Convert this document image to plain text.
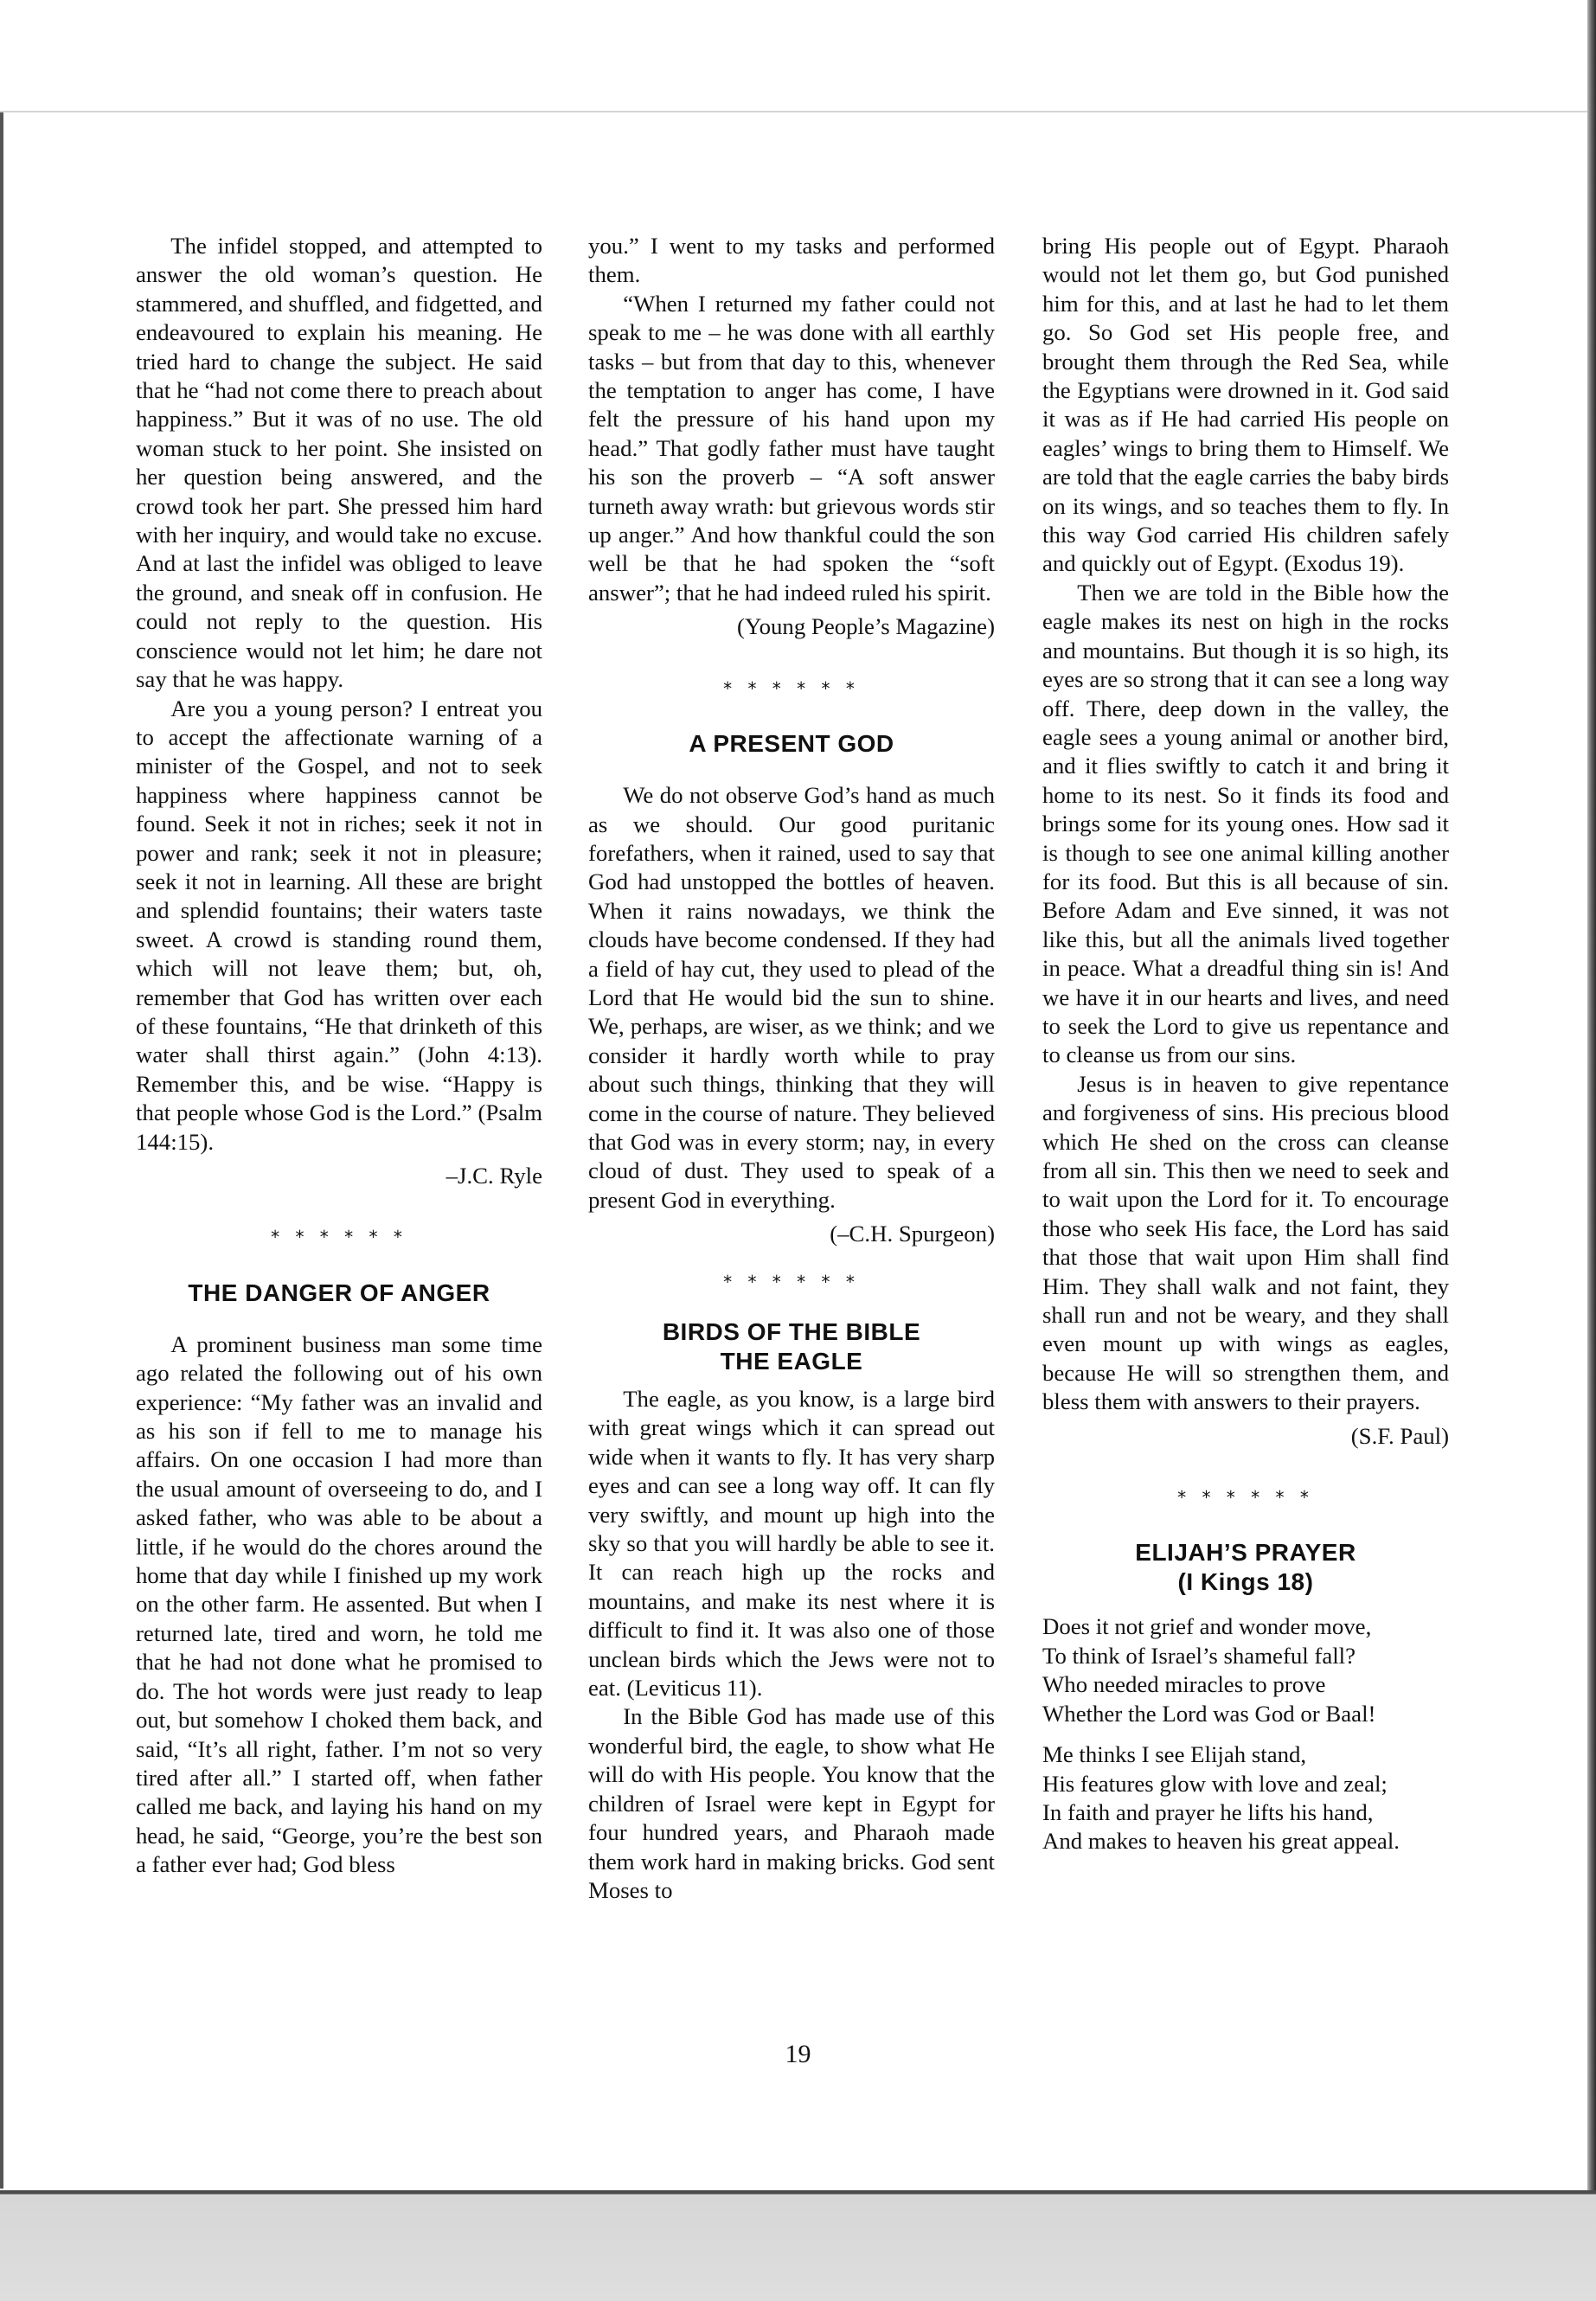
The infidel stopped, and attempted to answer the old woman’s question. He stammered, and shuffled, and fidgetted, and endeavoured to explain his meaning. He tried hard to change the subject. He said that he “had not come there to preach about happiness.” But it was of no use. The old woman stuck to her point. She insisted on her question being answered, and the crowd took her part. She pressed him hard with her inquiry, and would take no excuse. And at last the infidel was obliged to leave the ground, and sneak off in confusion. He could not reply to the question. His conscience would not let him; he dare not say that he was happy.

Are you a young person? I entreat you to accept the affectionate warning of a minister of the Gospel, and not to seek happiness where happiness cannot be found. Seek it not in riches; seek it not in power and rank; seek it not in pleasure; seek it not in learning. All these are bright and splendid fountains; their waters taste sweet. A crowd is standing round them, which will not leave them; but, oh, remember that God has written over each of these fountains, “He that drinketh of this water shall thirst again.” (John 4:13). Remember this, and be wise. “Happy is that people whose God is the Lord.” (Psalm 144:15).

–J.C. Ryle
* * * * * *
THE DANGER OF ANGER

A prominent business man some time ago related the following out of his own experience: “My father was an invalid and as his son if fell to me to manage his affairs. On one occasion I had more than the usual amount of overseeing to do, and I asked father, who was able to be about a little, if he would do the chores around the home that day while I finished up my work on the other farm. He assented. But when I returned late, tired and worn, he told me that he had not done what he promised to do. The hot words were just ready to leap out, but somehow I choked them back, and said, “It’s all right, father. I’m not so very tired after all.” I started off, when father called me back, and laying his hand on my head, he said, “George, you’re the best son a father ever had; God bless

you.” I went to my tasks and performed them.

“When I returned my father could not speak to me – he was done with all earthly tasks – but from that day to this, whenever the temptation to anger has come, I have felt the pressure of his hand upon my head.” That godly father must have taught his son the proverb – “A soft answer turneth away wrath: but grievous words stir up anger.” And how thankful could the son well be that he had spoken the “soft answer”; that he had indeed ruled his spirit.

(Young People’s Magazine)
* * * * * *
A PRESENT GOD

We do not observe God’s hand as much as we should. Our good puritanic forefathers, when it rained, used to say that God had unstopped the bottles of heaven. When it rains nowadays, we think the clouds have become condensed. If they had a field of hay cut, they used to plead of the Lord that He would bid the sun to shine. We, perhaps, are wiser, as we think; and we consider it hardly worth while to pray about such things, thinking that they will come in the course of nature. They believed that God was in every storm; nay, in every cloud of dust. They used to speak of a present God in everything.

(–C.H. Spurgeon)
* * * * * *
BIRDS OF THE BIBLE
THE EAGLE

The eagle, as you know, is a large bird with great wings which it can spread out wide when it wants to fly. It has very sharp eyes and can see a long way off. It can fly very swiftly, and mount up high into the sky so that you will hardly be able to see it. It can reach high up the rocks and mountains, and make its nest where it is difficult to find it. It was also one of those unclean birds which the Jews were not to eat. (Leviticus 11).

In the Bible God has made use of this wonderful bird, the eagle, to show what He will do with His people. You know that the children of Israel were kept in Egypt for four hundred years, and Pharaoh made them work hard in making bricks. God sent Moses to

bring His people out of Egypt. Pharaoh would not let them go, but God punished him for this, and at last he had to let them go. So God set His people free, and brought them through the Red Sea, while the Egyptians were drowned in it. God said it was as if He had carried His people on eagles’ wings to bring them to Himself. We are told that the eagle carries the baby birds on its wings, and so teaches them to fly. In this way God carried His children safely and quickly out of Egypt. (Exodus 19).

Then we are told in the Bible how the eagle makes its nest on high in the rocks and mountains. But though it is so high, its eyes are so strong that it can see a long way off. There, deep down in the valley, the eagle sees a young animal or another bird, and it flies swiftly to catch it and bring it home to its nest. So it finds its food and brings some for its young ones. How sad it is though to see one animal killing another for its food. But this is all because of sin. Before Adam and Eve sinned, it was not like this, but all the animals lived together in peace. What a dreadful thing sin is! And we have it in our hearts and lives, and need to seek the Lord to give us repentance and to cleanse us from our sins.

Jesus is in heaven to give repentance and forgiveness of sins. His precious blood which He shed on the cross can cleanse from all sin. This then we need to seek and to wait upon the Lord for it. To encourage those who seek His face, the Lord has said that those that wait upon Him shall find Him. They shall walk and not faint, they shall run and not be weary, and they shall even mount up with wings as eagles, because He will so strengthen them, and bless them with answers to their prayers.

(S.F. Paul)
* * * * * *
ELIJAH’S PRAYER
(I Kings 18)
Does it not grief and wonder move,
To think of Israel’s shameful fall?
Who needed miracles to prove
Whether the Lord was God or Baal!
Me thinks I see Elijah stand,
His features glow with love and zeal;
In faith and prayer he lifts his hand,
And makes to heaven his great appeal.
19
